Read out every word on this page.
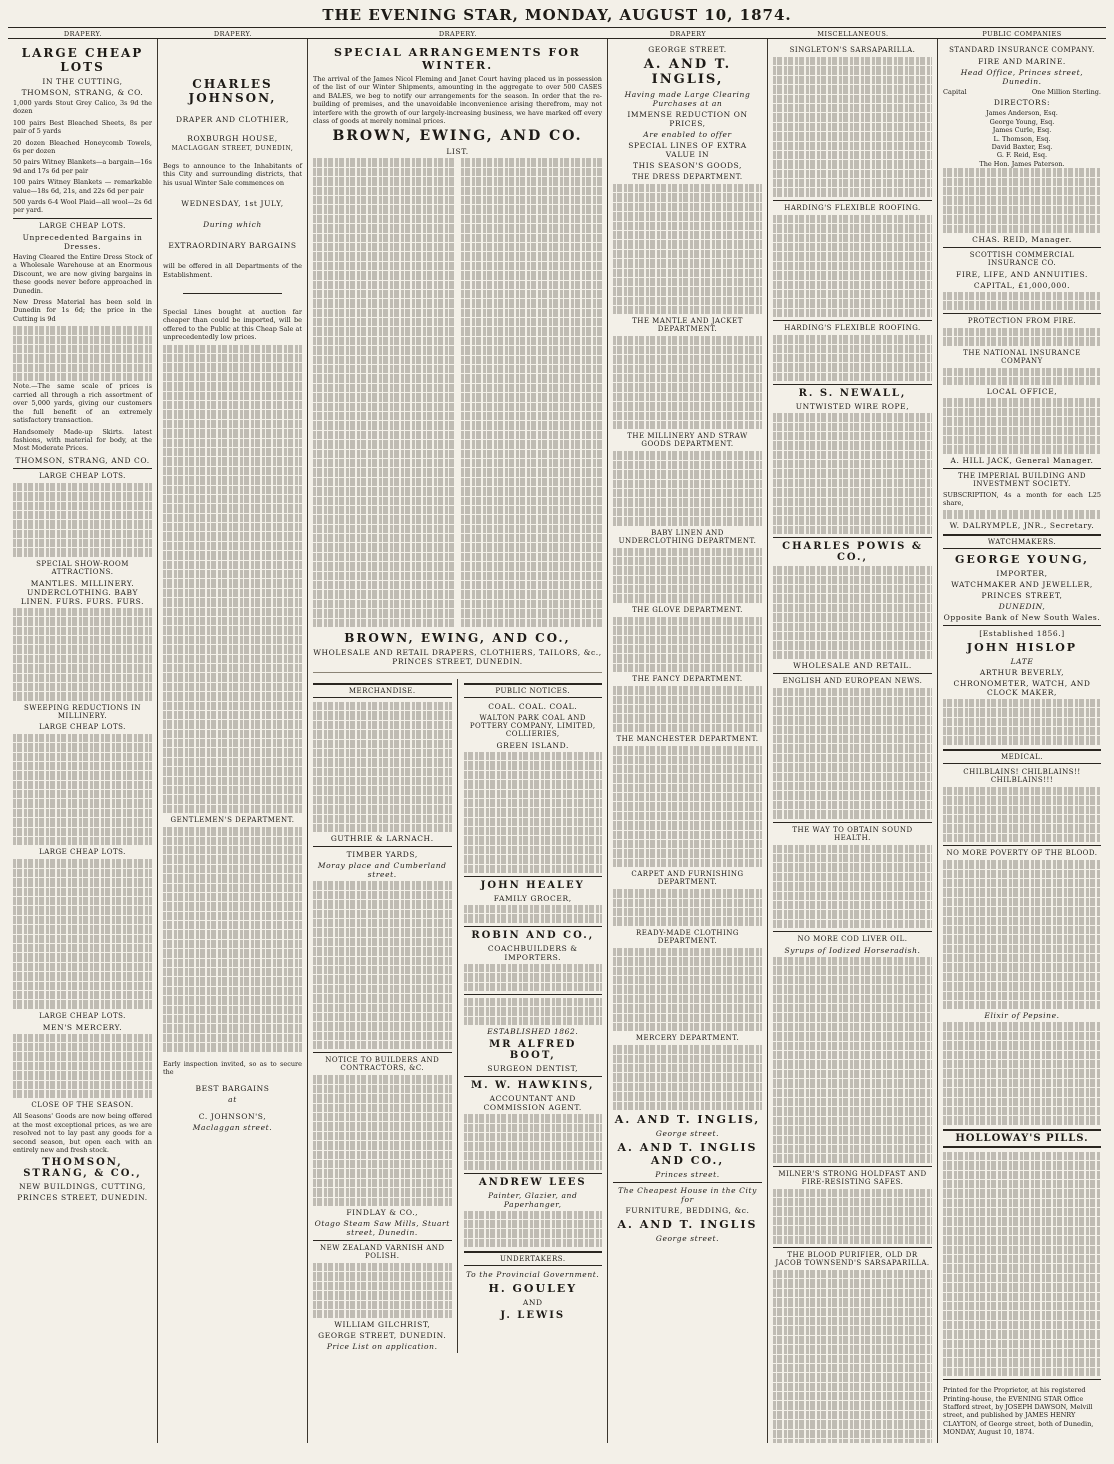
THE EVENING STAR, MONDAY, AUGUST 10, 1874.
DRAPERY.	DRAPERY.	DRAPERY.	DRAPERY	MISCELLANEOUS.	PUBLIC COMPANIES
LARGE CHEAP LOTS
IN THE CUTTING,
THOMSON, STRANG, & CO.

1,000 yards Stout Grey Calico, 3s 9d the dozen

100 pairs Best Bleached Sheets, 8s per pair of 5 yards

20 dozen Bleached Honeycomb Towels, 6s per dozen

50 pairs Witney Blankets—a bargain—16s 9d and 17s 6d per pair

100 pairs Witney Blankets — remarkable value—18s 6d, 21s, and 22s 6d per pair

500 yards 6-4 Wool Plaid—all wool—2s 6d per yard.

LARGE CHEAP LOTS.
Unprecedented Bargains in Dresses.

Having Cleared the Entire Dress Stock of a Wholesale Warehouse at an Enormous Discount, we are now giving bargains in these goods never before approached in Dunedin.

New Dress Material has been sold in Dunedin for 1s 6d; the price in the Cutting is 9d

Note.—The same scale of prices is carried all through a rich assortment of over 5,000 yards, giving our customers the full benefit of an extremely satisfactory transaction.

Handsomely Made-up Skirts. latest fashions, with material for body, at the Most Moderate Prices.

THOMSON, STRANG, AND CO.
LARGE CHEAP LOTS.
SPECIAL SHOW-ROOM ATTRACTIONS.
MANTLES. MILLINERY. UNDERCLOTHING. BABY LINEN. FURS. FURS. FURS.
SWEEPING REDUCTIONS IN MILLINERY.
LARGE CHEAP LOTS.
LARGE CHEAP LOTS.
LARGE CHEAP LOTS.
MEN'S MERCERY.
CLOSE OF THE SEASON.

All Seasons' Goods are now being offered at the most exceptional prices, as we are resolved not to lay past any goods for a second season, but open each with an entirely new and fresh stock.

THOMSON, STRANG, & CO.,
NEW BUILDINGS, CUTTING,
PRINCES STREET, DUNEDIN.
CHARLES JOHNSON,
DRAPER AND CLOTHIER,
ROXBURGH HOUSE,
MACLAGGAN STREET, DUNEDIN,

Begs to announce to the Inhabitants of this City and surrounding districts, that his usual Winter Sale commences on

WEDNESDAY, 1st JULY,
During which
EXTRAORDINARY BARGAINS

will be offered in all Departments of the Establishment.

Special Lines bought at auction far cheaper than could be imported, will be offered to the Public at this Cheap Sale at unprecedentedly low prices.

GENTLEMEN'S DEPARTMENT.

Early inspection invited, so as to secure the

BEST BARGAINS
at
C. JOHNSON'S,
Maclaggan street.
SPECIAL ARRANGEMENTS FOR WINTER.

The arrival of the James Nicol Fleming and Janet Court having placed us in possession of the list of our Winter Shipments, amounting in the aggregate to over 500 CASES and BALES, we beg to notify our arrangements for the season. In order that the re-building of premises, and the unavoidable inconvenience arising therefrom, may not interfere with the growth of our largely-increasing business, we have marked off every class of goods at merely nominal prices.

BROWN, EWING, AND CO.
LIST.
BROWN, EWING, AND CO.,
WHOLESALE AND RETAIL DRAPERS, CLOTHIERS, TAILORS, &c., PRINCES STREET, DUNEDIN.
MERCHANDISE.
GUTHRIE & LARNACH.
TIMBER YARDS,
Moray place and Cumberland street.
NOTICE TO BUILDERS AND CONTRACTORS, &C.
FINDLAY & CO.,
Otago Steam Saw Mills, Stuart street, Dunedin.
NEW ZEALAND VARNISH AND POLISH.
WILLIAM GILCHRIST,
GEORGE STREET, DUNEDIN.
Price List on application.
PUBLIC NOTICES.
COAL. COAL. COAL.
WALTON PARK COAL AND POTTERY COMPANY, LIMITED, COLLIERIES,
GREEN ISLAND.
JOHN HEALEY
FAMILY GROCER,
ROBIN AND CO.,
COACHBUILDERS & IMPORTERS.
ESTABLISHED 1862.
MR ALFRED BOOT,
SURGEON DENTIST,
M. W. HAWKINS,
ACCOUNTANT AND COMMISSION AGENT.
ANDREW LEES
Painter, Glazier, and Paperhanger,
UNDERTAKERS.
To the Provincial Government.
H. GOULEY
AND
J. LEWIS
GEORGE STREET.
A. AND T. INGLIS,
Having made Large Clearing Purchases at an
IMMENSE REDUCTION ON PRICES,
Are enabled to offer
SPECIAL LINES OF EXTRA VALUE IN
THIS SEASON'S GOODS,
THE DRESS DEPARTMENT.
THE MANTLE AND JACKET DEPARTMENT.
THE MILLINERY AND STRAW GOODS DEPARTMENT.
BABY LINEN AND UNDERCLOTHING DEPARTMENT.
THE GLOVE DEPARTMENT.
THE FANCY DEPARTMENT.
THE MANCHESTER DEPARTMENT.
CARPET AND FURNISHING DEPARTMENT.
READY-MADE CLOTHING DEPARTMENT.
MERCERY DEPARTMENT.
A. AND T. INGLIS,
George street.
A. AND T. INGLIS AND CO.,
Princes street.
The Cheapest House in the City for
FURNITURE, BEDDING, &c.
A. AND T. INGLIS
George street.
SINGLETON'S SARSAPARILLA.
HARDING'S FLEXIBLE ROOFING.
HARDING'S FLEXIBLE ROOFING.
R. S. NEWALL,
UNTWISTED WIRE ROPE,
CHARLES POWIS & CO.,
WHOLESALE AND RETAIL.
ENGLISH AND EUROPEAN NEWS.
THE WAY TO OBTAIN SOUND HEALTH.
NO MORE COD LIVER OIL.
Syrups of Iodized Horseradish.
MILNER'S STRONG HOLDFAST AND FIRE-RESISTING SAFES.
THE BLOOD PURIFIER, OLD DR JACOB TOWNSEND'S SARSAPARILLA.
STANDARD INSURANCE COMPANY.
FIRE AND MARINE.
Head Office, Princes street, Dunedin.
Capital	One Million Sterling.
DIRECTORS:
James Anderson, Esq.
George Young, Esq.
James Curle, Esq.
L. Thomson, Esq.
David Baxter, Esq.
G. F. Reid, Esq.
The Hon. James Paterson.
CHAS. REID, Manager.
SCOTTISH COMMERCIAL INSURANCE CO.
FIRE, LIFE, AND ANNUITIES.
CAPITAL, £1,000,000.
PROTECTION FROM FIRE.
THE NATIONAL INSURANCE COMPANY
LOCAL OFFICE,
A. HILL JACK, General Manager.
THE IMPERIAL BUILDING AND INVESTMENT SOCIETY.

SUBSCRIPTION, 4s a month for each L25 share,

W. DALRYMPLE, JNR., Secretary.
WATCHMAKERS.
GEORGE YOUNG,
IMPORTER,
WATCHMAKER AND JEWELLER,
PRINCES STREET,
DUNEDIN,
Opposite Bank of New South Wales.
[Established 1856.]
JOHN HISLOP
LATE
ARTHUR BEVERLY,
CHRONOMETER, WATCH, AND CLOCK MAKER,
MEDICAL.
CHILBLAINS! CHILBLAINS!! CHILBLAINS!!!
NO MORE POVERTY OF THE BLOOD.
Elixir of Pepsine.
HOLLOWAY'S PILLS.
Printed for the Proprietor, at his registered Printing-house, the EVENING STAR Office Stafford street, by JOSEPH DAWSON, Melvill street, and published by JAMES HENRY CLAYTON, of George street, both of Dunedin, MONDAY, August 10, 1874.
